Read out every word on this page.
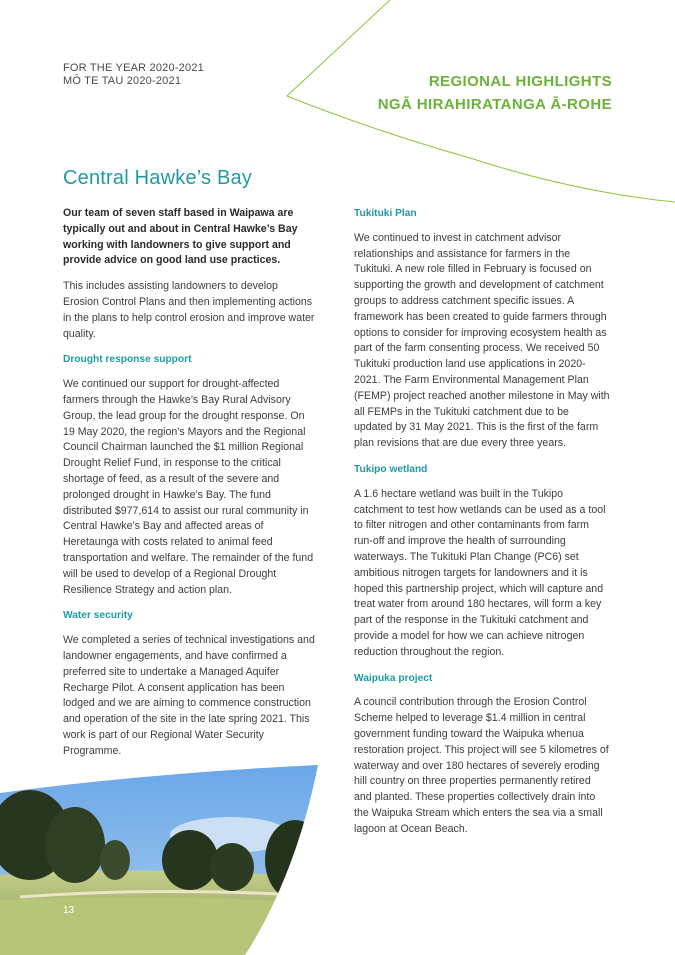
FOR THE YEAR 2020-2021
MŌ TE TAU 2020-2021	REGIONAL HIGHLIGHTS
NGĀ HIRAHIRATANGA Ā-ROHE
Central Hawke’s Bay

Our team of seven staff based in Waipawa are typically out and about in Central Hawke’s Bay working with landowners to give support and provide advice on good land use practices.

This includes assisting landowners to develop Erosion Control Plans and then implementing actions in the plans to help control erosion and improve water quality.

Drought response support

We continued our support for drought-affected farmers through the Hawke’s Bay Rural Advisory Group, the lead group for the drought response. On 19 May 2020, the region’s Mayors and the Regional Council Chairman launched the $1 million Regional Drought Relief Fund, in response to the critical shortage of feed, as a result of the severe and prolonged drought in Hawke’s Bay. The fund distributed $977,614 to assist our rural community in Central Hawke’s Bay and affected areas of Heretaunga with costs related to animal feed transportation and welfare. The remainder of the fund will be used to develop of a Regional Drought Resilience Strategy and action plan.

Water security

We completed a series of technical investigations and landowner engagements, and have confirmed a preferred site to undertake a Managed Aquifer Recharge Pilot. A consent application has been lodged and we are aiming to commence construction and operation of the site in the late spring 2021. This work is part of our Regional Water Security Programme.

Tukituki Plan

We continued to invest in catchment advisor relationships and assistance for farmers in the Tukituki. A new role filled in February is focused on supporting the growth and development of catchment groups to address catchment specific issues. A framework has been created to guide farmers through options to consider for improving ecosystem health as part of the farm consenting process. We received 50 Tukituki production land use applications in 2020-2021. The Farm Environmental Management Plan (FEMP) project reached another milestone in May with all FEMPs in the Tukituki catchment due to be updated by 31 May 2021. This is the first of the farm plan revisions that are due every three years.

Tukipo wetland

A 1.6 hectare wetland was built in the Tukipo catchment to test how wetlands can be used as a tool to filter nitrogen and other contaminants from farm run-off and improve the health of surrounding waterways. The Tukituki Plan Change (PC6) set ambitious nitrogen targets for landowners and it is hoped this partnership project, which will capture and treat water from around 180 hectares, will form a key part of the response in the Tukituki catchment and provide a model for how we can achieve nitrogen reduction throughout the region.

Waipuka project

A council contribution through the Erosion Control Scheme helped to leverage $1.4 million in central government funding toward the Waipuka whenua restoration project. This project will see 5 kilometres of waterway and over 180 hectares of severely eroding hill country on three properties permanently retired and planted. These properties collectively drain into the Waipuka Stream which enters the sea via a small lagoon at Ocean Beach.

13
